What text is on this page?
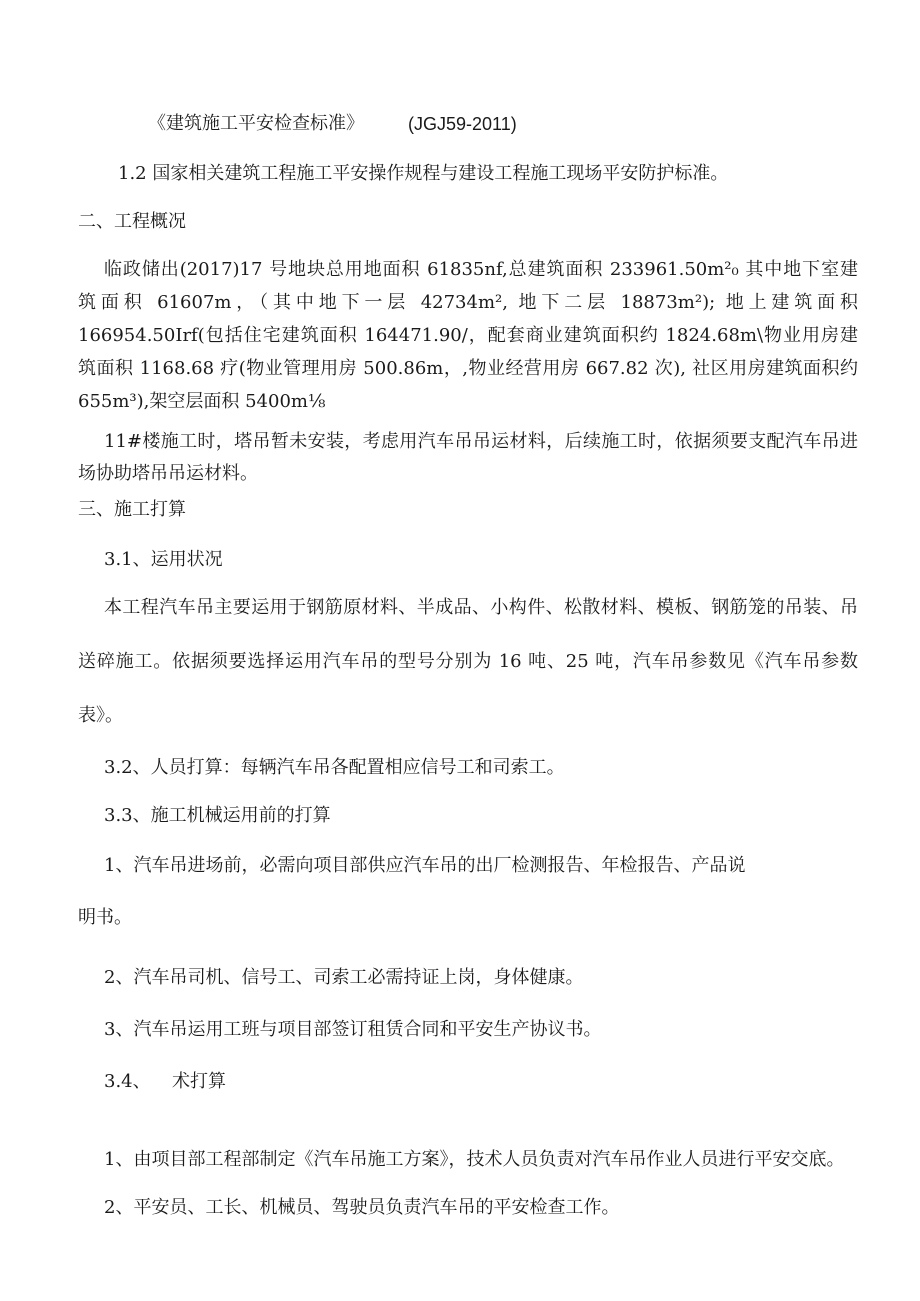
《建筑施工平安检查标准》 (JGJ59-2011)
1.2 国家相关建筑工程施工平安操作规程与建设工程施工现场平安防护标准。
二、工程概况
临政储出(2017)17 号地块总用地面积 61835nf,总建筑面积 233961.50m²₀ 其中地下室建
筑面积 61607m，（其中地下一层 42734m², 地下二层 18873m²); 地上建筑面积
166954.50Irf(包括住宅建筑面积 164471.90/，配套商业建筑面积约 1824.68m\物业用房建
筑面积 1168.68 疗(物业管理用房 500.86m，,物业经营用房 667.82 次), 社区用房建筑面积约
655m³),架空层面积 5400m⅛
11#楼施工时，塔吊暂未安装，考虑用汽车吊吊运材料，后续施工时，依据须要支配汽车吊进
场协助塔吊吊运材料。
三、施工打算
3.1、运用状况
本工程汽车吊主要运用于钢筋原材料、半成品、小构件、松散材料、模板、钢筋笼的吊装、吊
送碎施工。依据须要选择运用汽车吊的型号分别为 16 吨、25 吨，汽车吊参数见《汽车吊参数
表》。
3.2、人员打算：每辆汽车吊各配置相应信号工和司索工。
3.3、施工机械运用前的打算
1、汽车吊进场前，必需向项目部供应汽车吊的出厂检测报告、年检报告、产品说
明书。
2、汽车吊司机、信号工、司索工必需持证上岗，身体健康。
3、汽车吊运用工班与项目部签订租赁合同和平安生产协议书。
3.4、 术打算
1、由项目部工程部制定《汽车吊施工方案》，技术人员负责对汽车吊作业人员进行平安交底。
2、平安员、工长、机械员、驾驶员负责汽车吊的平安检查工作。
